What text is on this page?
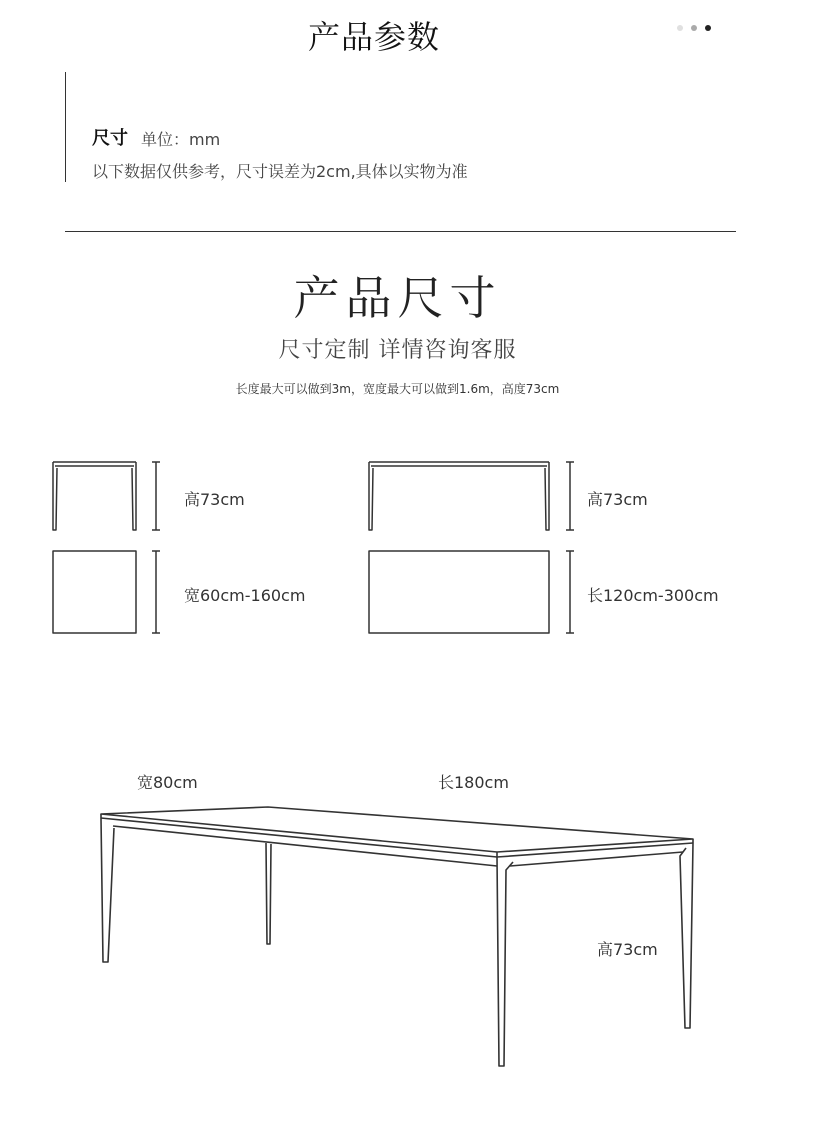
产品参数
尺寸 单位：mm
以下数据仅供参考，尺寸误差为2cm,具体以实物为准
产品尺寸
尺寸定制 详情咨询客服
长度最大可以做到3m，宽度最大可以做到1.6m，高度73cm
高73cm
宽60cm-160cm
高73cm
长120cm-300cm
宽80cm	长180cm
高73cm
